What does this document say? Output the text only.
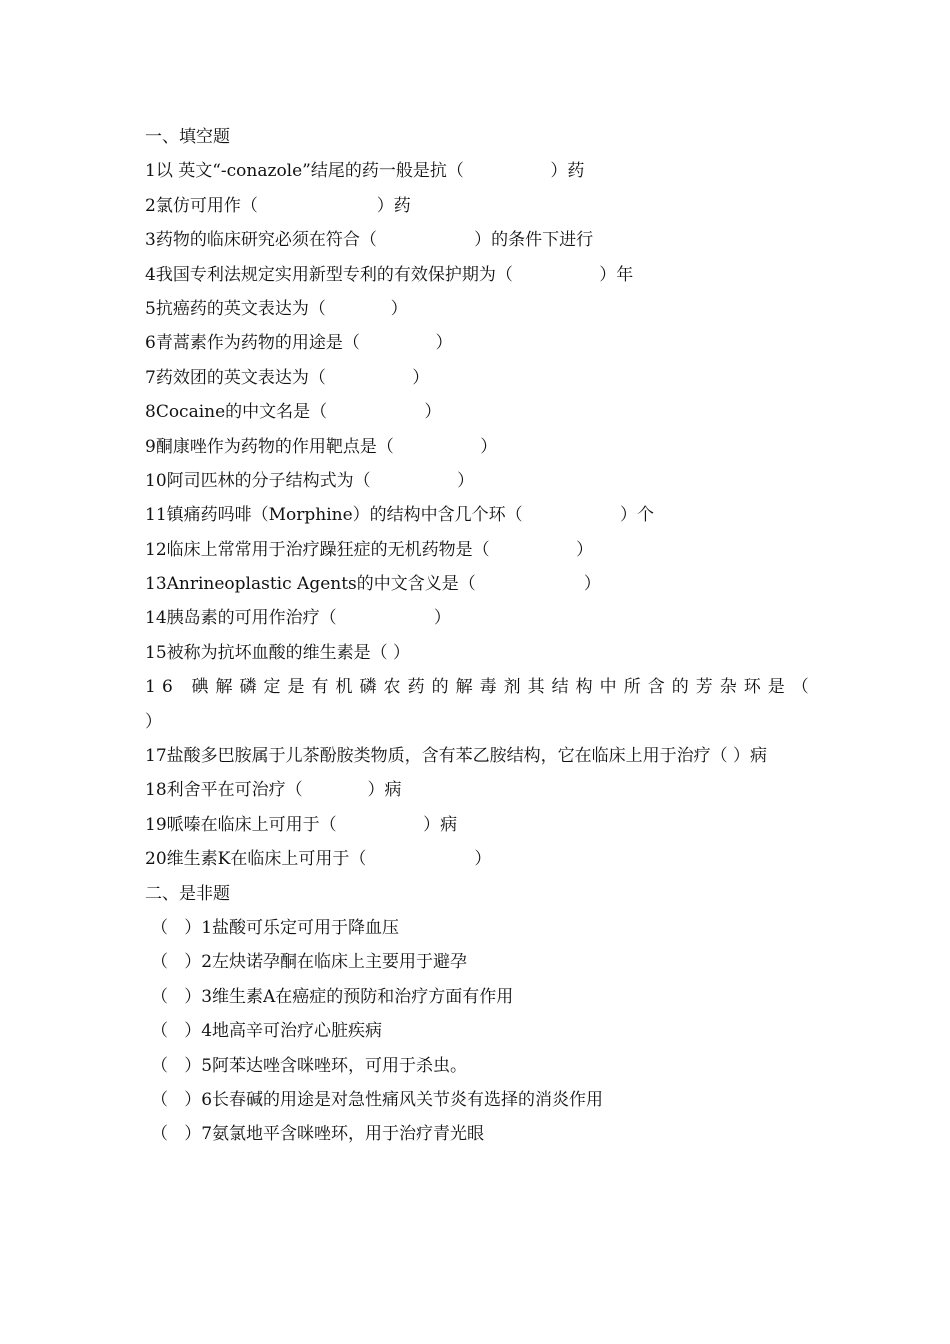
一、填空题

1以 英文“-conazole”结尾的药一般是抗（                ）药

2氯仿可用作（                      ）药

3药物的临床研究必须在符合（                  ）的条件下进行

4我国专利法规定实用新型专利的有效保护期为（                ）年

5抗癌药的英文表达为（            ）

6青蒿素作为药物的用途是（              ）

7药效团的英文表达为（                ）

8Cocaine的中文名是（                  ）

9酮康唑作为药物的作用靶点是（                ）

10阿司匹林的分子结构式为（                ）

11镇痛药吗啡（Morphine）的结构中含几个环（                  ）个

12临床上常常用于治疗躁狂症的无机药物是（                ）

13Anrineoplastic Agents的中文含义是（                    ）

14胰岛素的可用作治疗（                  ）

15被称为抗坏血酸的维生素是（ ）

16 碘解磷定是有机磷农药的解毒剂其结构中所含的芳杂环是（ ）

17盐酸多巴胺属于儿茶酚胺类物质，含有苯乙胺结构，它在临床上用于治疗（ ）病

18利舍平在可治疗（            ）病

19哌嗪在临床上可用于（                ）病

20维生素K在临床上可用于（                    ）

二、是非题

（   ）1盐酸可乐定可用于降血压

（   ）2左炔诺孕酮在临床上主要用于避孕

（   ）3维生素A在癌症的预防和治疗方面有作用

（   ）4地高辛可治疗心脏疾病

（   ）5阿苯达唑含咪唑环，可用于杀虫。

（   ）6长春碱的用途是对急性痛风关节炎有选择的消炎作用

（   ）7氨氯地平含咪唑环，用于治疗青光眼
